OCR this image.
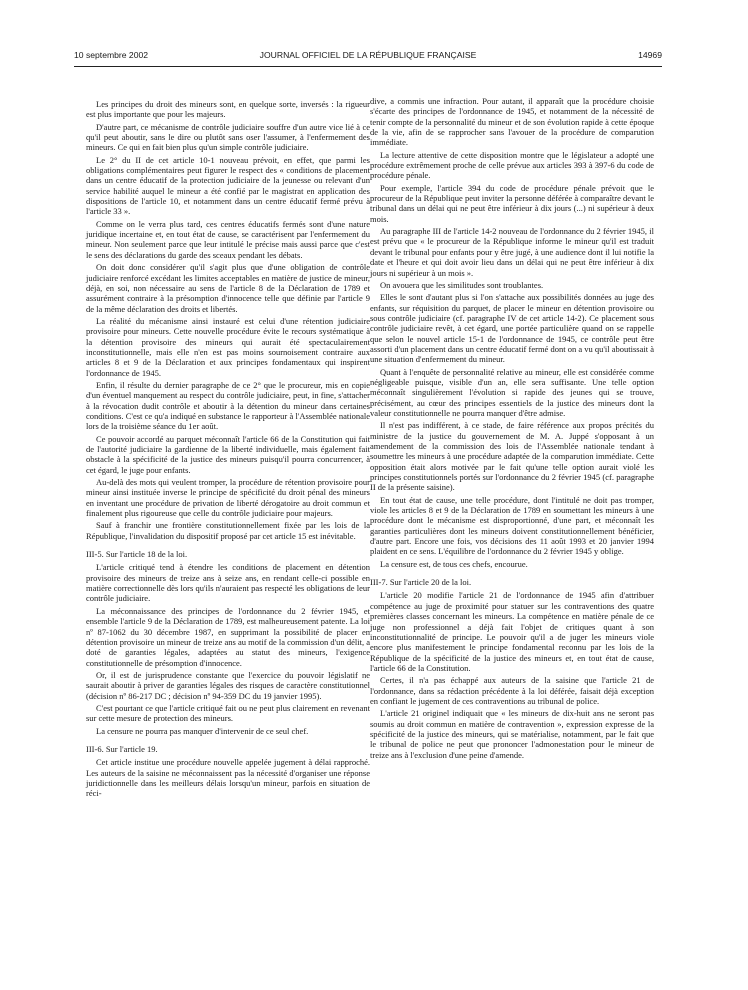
10 septembre 2002	JOURNAL OFFICIEL DE LA RÉPUBLIQUE FRANÇAISE	14969

Les principes du droit des mineurs sont, en quelque sorte, inversés : la rigueur est plus importante que pour les majeurs.

D'autre part, ce mécanisme de contrôle judiciaire souffre d'un autre vice lié à ce qu'il peut aboutir, sans le dire ou plutôt sans oser l'assumer, à l'enfermement des mineurs. Ce qui en fait bien plus qu'un simple contrôle judiciaire.

Le 2° du II de cet article 10-1 nouveau prévoit, en effet, que parmi les obligations complémentaires peut figurer le respect des « conditions de placement dans un centre éducatif de la protection judiciaire de la jeunesse ou relevant d'un service habilité auquel le mineur a été confié par le magistrat en application des dispositions de l'article 10, et notamment dans un centre éducatif fermé prévu à l'article 33 ».

Comme on le verra plus tard, ces centres éducatifs fermés sont d'une nature juridique incertaine et, en tout état de cause, se caractérisent par l'enfermement du mineur. Non seulement parce que leur intitulé le précise mais aussi parce que c'est le sens des déclarations du garde des sceaux pendant les débats.

On doit donc considérer qu'il s'agit plus que d'une obligation de contrôle judiciaire renforcé excédant les limites acceptables en matière de justice de mineur, déjà, en soi, non nécessaire au sens de l'article 8 de la Déclaration de 1789 et assurément contraire à la présomption d'innocence telle que définie par l'article 9 de la même déclaration des droits et libertés.

La réalité du mécanisme ainsi instauré est celui d'une rétention judiciaire provisoire pour mineurs. Cette nouvelle procédure évite le recours systématique à la détention provisoire des mineurs qui aurait été spectaculairement inconstitutionnelle, mais elle n'en est pas moins sournoisement contraire aux articles 8 et 9 de la Déclaration et aux principes fondamentaux qui inspirent l'ordonnance de 1945.

Enfin, il résulte du dernier paragraphe de ce 2° que le procureur, mis en copie d'un éventuel manquement au respect du contrôle judiciaire, peut, in fine, s'attacher à la révocation dudit contrôle et aboutir à la détention du mineur dans certaines conditions. C'est ce qu'a indiqué en substance le rapporteur à l'Assemblée nationale lors de la troisième séance du 1er août.

Ce pouvoir accordé au parquet méconnaît l'article 66 de la Constitution qui fait de l'autorité judiciaire la gardienne de la liberté individuelle, mais également fait obstacle à la spécificité de la justice des mineurs puisqu'il pourra concurrencer, à cet égard, le juge pour enfants.

Au-delà des mots qui veulent tromper, la procédure de rétention provisoire pour mineur ainsi instituée inverse le principe de spécificité du droit pénal des mineurs en inventant une procédure de privation de liberté dérogatoire au droit commun et finalement plus rigoureuse que celle du contrôle judiciaire pour majeurs.

Sauf à franchir une frontière constitutionnellement fixée par les lois de la République, l'invalidation du dispositif proposé par cet article 15 est inévitable.

III-5. Sur l'article 18 de la loi.

L'article critiqué tend à étendre les conditions de placement en détention provisoire des mineurs de treize ans à seize ans, en rendant celle-ci possible en matière correctionnelle dès lors qu'ils n'auraient pas respecté les obligations de leur contrôle judiciaire.

La méconnaissance des principes de l'ordonnance du 2 février 1945, et ensemble l'article 9 de la Déclaration de 1789, est malheureusement patente. La loi nº 87-1062 du 30 décembre 1987, en supprimant la possibilité de placer en détention provisoire un mineur de treize ans au motif de la commission d'un délit, a doté de garanties légales, adaptées au statut des mineurs, l'exigence constitutionnelle de présomption d'innocence.

Or, il est de jurisprudence constante que l'exercice du pouvoir législatif ne saurait aboutir à priver de garanties légales des risques de caractère constitutionnel (décision nº 86-217 DC ; décision nº 94-359 DC du 19 janvier 1995).

C'est pourtant ce que l'article critiqué fait ou ne peut plus clairement en revenant sur cette mesure de protection des mineurs.

La censure ne pourra pas manquer d'intervenir de ce seul chef.

III-6. Sur l'article 19.

Cet article institue une procédure nouvelle appelée jugement à délai rapproché. Les auteurs de la saisine ne méconnaissent pas la nécessité d'organiser une réponse juridictionnelle dans les meilleurs délais lorsqu'un mineur, parfois en situation de réci-

dive, a commis une infraction. Pour autant, il apparaît que la procédure choisie s'écarte des principes de l'ordonnance de 1945, et notamment de la nécessité de tenir compte de la personnalité du mineur et de son évolution rapide à cette époque de la vie, afin de se rapprocher sans l'avouer de la procédure de comparution immédiate.

La lecture attentive de cette disposition montre que le législateur a adopté une procédure extrêmement proche de celle prévue aux articles 393 à 397-6 du code de procédure pénale.

Pour exemple, l'article 394 du code de procédure pénale prévoit que le procureur de la République peut inviter la personne déférée à comparaître devant le tribunal dans un délai qui ne peut être inférieur à dix jours (...) ni supérieur à deux mois.

Au paragraphe III de l'article 14-2 nouveau de l'ordonnance du 2 février 1945, il est prévu que « le procureur de la République informe le mineur qu'il est traduit devant le tribunal pour enfants pour y être jugé, à une audience dont il lui notifie la date et l'heure et qui doit avoir lieu dans un délai qui ne peut être inférieur à dix jours ni supérieur à un mois ».

On avouera que les similitudes sont troublantes.

Elles le sont d'autant plus si l'on s'attache aux possibilités données au juge des enfants, sur réquisition du parquet, de placer le mineur en détention provisoire ou sous contrôle judiciaire (cf. paragraphe IV de cet article 14-2). Ce placement sous contrôle judiciaire revêt, à cet égard, une portée particulière quand on se rappelle que selon le nouvel article 15-1 de l'ordonnance de 1945, ce contrôle peut être assorti d'un placement dans un centre éducatif fermé dont on a vu qu'il aboutissait à une situation d'enfermement du mineur.

Quant à l'enquête de personnalité relative au mineur, elle est considérée comme négligeable puisque, visible d'un an, elle sera suffisante. Une telle option méconnaît singulièrement l'évolution si rapide des jeunes qui se trouve, précisément, au cœur des principes essentiels de la justice des mineurs dont la valeur constitutionnelle ne pourra manquer d'être admise.

Il n'est pas indifférent, à ce stade, de faire référence aux propos précités du ministre de la justice du gouvernement de M. A. Juppé s'opposant à un amendement de la commission des lois de l'Assemblée nationale tendant à soumettre les mineurs à une procédure adaptée de la comparution immédiate. Cette opposition était alors motivée par le fait qu'une telle option aurait violé les principes constitutionnels portés sur l'ordonnance du 2 février 1945 (cf. paragraphe II de la présente saisine).

En tout état de cause, une telle procédure, dont l'intitulé ne doit pas tromper, viole les articles 8 et 9 de la Déclaration de 1789 en soumettant les mineurs à une procédure dont le mécanisme est disproportionné, d'une part, et méconnaît les garanties particulières dont les mineurs doivent constitutionnellement bénéficier, d'autre part. Encore une fois, vos décisions des 11 août 1993 et 20 janvier 1994 plaident en ce sens. L'équilibre de l'ordonnance du 2 février 1945 y oblige.

La censure est, de tous ces chefs, encourue.

III-7. Sur l'article 20 de la loi.

L'article 20 modifie l'article 21 de l'ordonnance de 1945 afin d'attribuer compétence au juge de proximité pour statuer sur les contraventions des quatre premières classes concernant les mineurs. La compétence en matière pénale de ce juge non professionnel a déjà fait l'objet de critiques quant à son inconstitutionnalité de principe. Le pouvoir qu'il a de juger les mineurs viole encore plus manifestement le principe fondamental reconnu par les lois de la République de la spécificité de la justice des mineurs et, en tout état de cause, l'article 66 de la Constitution.

Certes, il n'a pas échappé aux auteurs de la saisine que l'article 21 de l'ordonnance, dans sa rédaction précédente à la loi déférée, faisait déjà exception en confiant le jugement de ces contraventions au tribunal de police.

L'article 21 originel indiquait que « les mineurs de dix-huit ans ne seront pas soumis au droit commun en matière de contravention », expression expresse de la spécificité de la justice des mineurs, qui se matérialise, notamment, par le fait que le tribunal de police ne peut que prononcer l'admonestation pour le mineur de treize ans à l'exclusion d'une peine d'amende.
